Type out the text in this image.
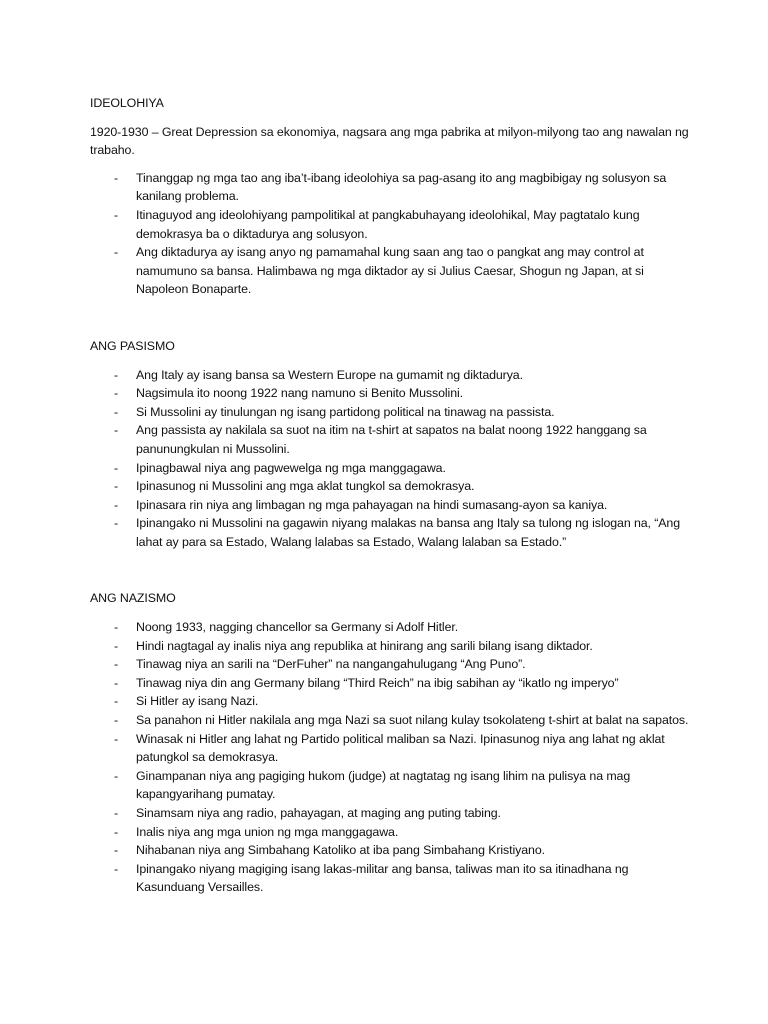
IDEOLOHIYA

1920-1930 – Great Depression sa ekonomiya, nagsara ang mga pabrika at milyon-milyong tao ang nawalan ng trabaho.

- Tinanggap ng mga tao ang iba’t-ibang ideolohiya sa pag-asang ito ang magbibigay ng solusyon sa kanilang problema.
- Itinaguyod ang ideolohiyang pampolitikal at pangkabuhayang ideolohikal, May pagtatalo kung demokrasya ba o diktadurya ang solusyon.
- Ang diktadurya ay isang anyo ng pamamahal kung saan ang tao o pangkat ang may control at namumuno sa bansa. Halimbawa ng mga diktador ay si Julius Caesar, Shogun ng Japan, at si Napoleon Bonaparte.
ANG PASISMO
- Ang Italy ay isang bansa sa Western Europe na gumamit ng diktadurya.
- Nagsimula ito noong 1922 nang namuno si Benito Mussolini.
- Si Mussolini ay tinulungan ng isang partidong political na tinawag na passista.
- Ang passista ay nakilala sa suot na itim na t-shirt at sapatos na balat noong 1922 hanggang sa panunungkulan ni Mussolini.
- Ipinagbawal niya ang pagwewelga ng mga manggagawa.
- Ipinasunog ni Mussolini ang mga aklat tungkol sa demokrasya.
- Ipinasara rin niya ang limbagan ng mga pahayagan na hindi sumasang-ayon sa kaniya.
- Ipinangako ni Mussolini na gagawin niyang malakas na bansa ang Italy sa tulong ng islogan na, “Ang lahat ay para sa Estado, Walang lalabas sa Estado, Walang lalaban sa Estado.”
ANG NAZISMO
- Noong 1933, nagging chancellor sa Germany si Adolf Hitler.
- Hindi nagtagal ay inalis niya ang republika at hinirang ang sarili bilang isang diktador.
- Tinawag niya an sarili na “DerFuher” na nangangahulugang “Ang Puno”.
- Tinawag niya din ang Germany bilang “Third Reich” na ibig sabihan ay “ikatlo ng imperyo”
- Si Hitler ay isang Nazi.
- Sa panahon ni Hitler nakilala ang mga Nazi sa suot nilang kulay tsokolateng t-shirt at balat na sapatos.
- Winasak ni Hitler ang lahat ng Partido political maliban sa Nazi. Ipinasunog niya ang lahat ng aklat patungkol sa demokrasya.
- Ginampanan niya ang pagiging hukom (judge) at nagtatag ng isang lihim na pulisya na mag kapangyarihang pumatay.
- Sinamsam niya ang radio, pahayagan, at maging ang puting tabing.
- Inalis niya ang mga union ng mga manggagawa.
- Nihabanan niya ang Simbahang Katoliko at iba pang Simbahang Kristiyano.
- Ipinangako niyang magiging isang lakas-militar ang bansa, taliwas man ito sa itinadhana ng Kasunduang Versailles.
